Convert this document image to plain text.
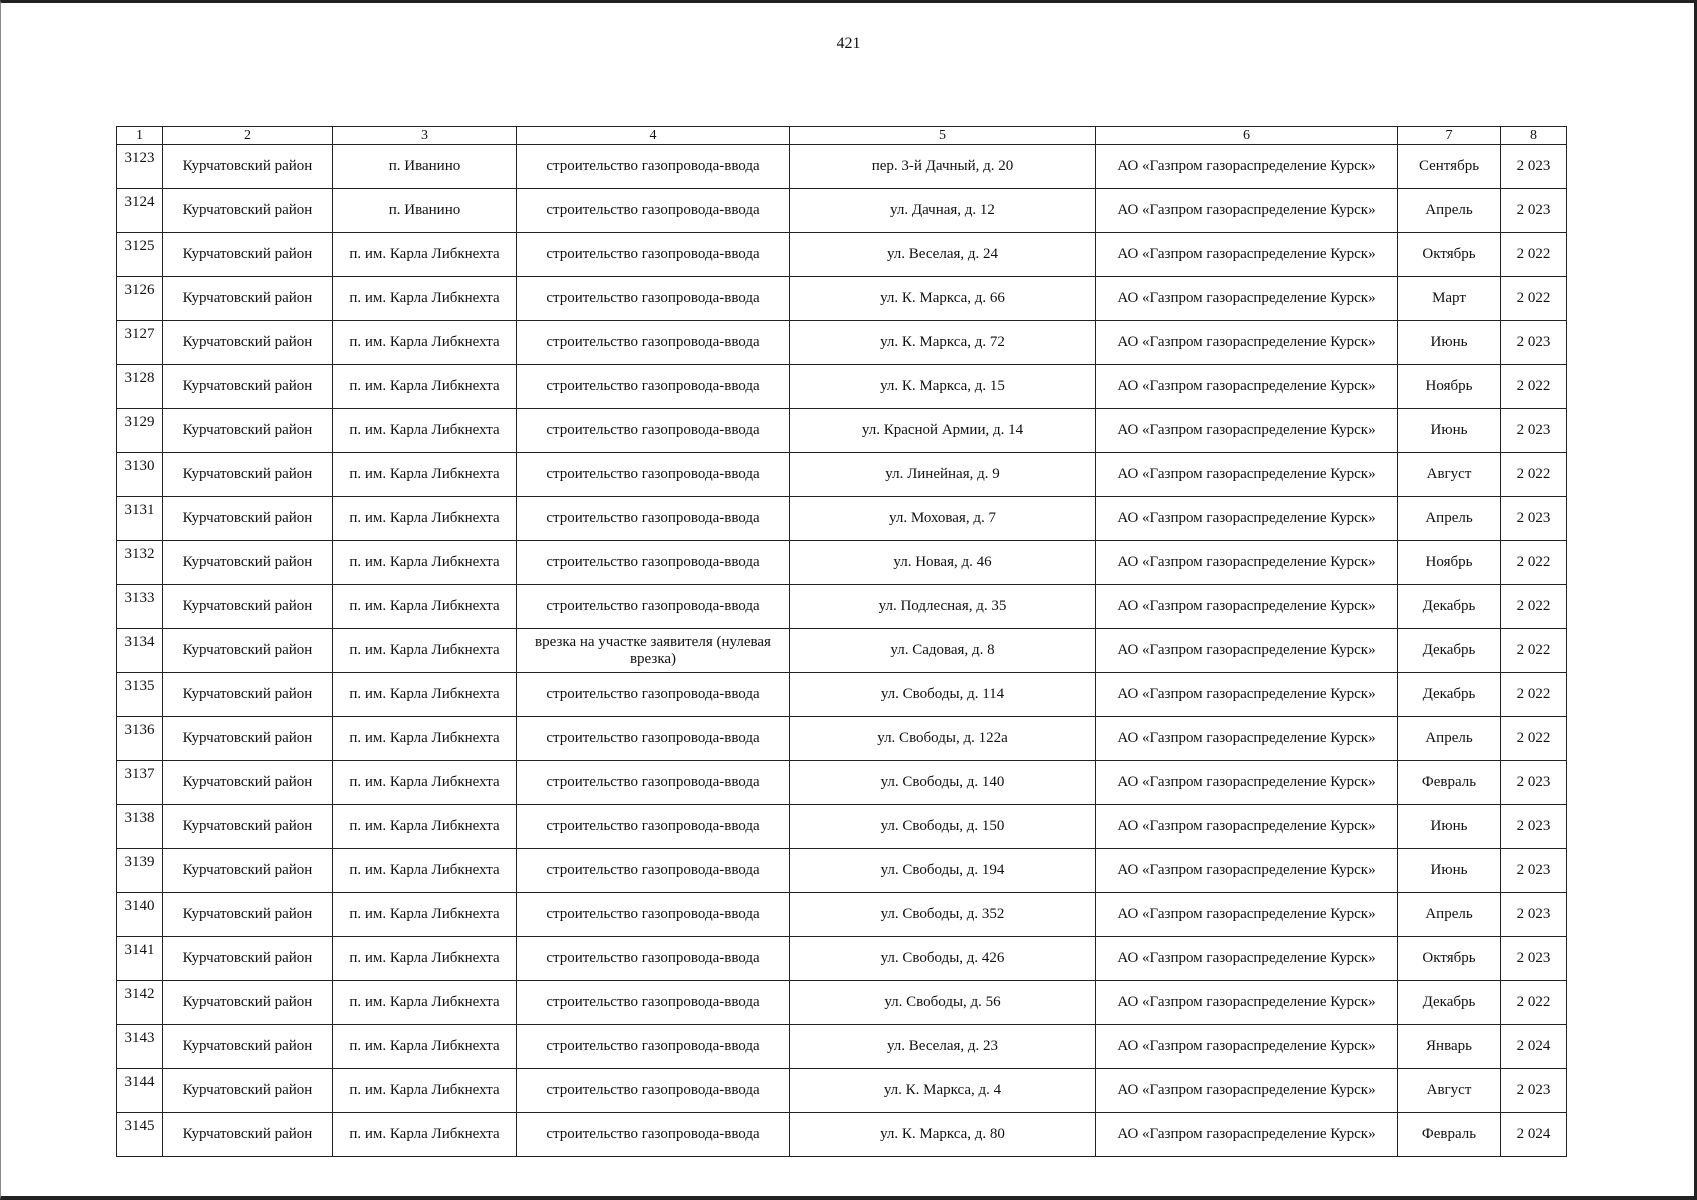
421
1	2	3	4	5	6	7	8
3123	Курчатовский район	п. Иванино	строительство газопровода-ввода	пер. 3-й Дачный, д. 20	АО «Газпром газораспределение Курск»	Сентябрь	2 023
3124	Курчатовский район	п. Иванино	строительство газопровода-ввода	ул. Дачная, д. 12	АО «Газпром газораспределение Курск»	Апрель	2 023
3125	Курчатовский район	п. им. Карла Либкнехта	строительство газопровода-ввода	ул. Веселая, д. 24	АО «Газпром газораспределение Курск»	Октябрь	2 022
3126	Курчатовский район	п. им. Карла Либкнехта	строительство газопровода-ввода	ул. К. Маркса, д. 66	АО «Газпром газораспределение Курск»	Март	2 022
3127	Курчатовский район	п. им. Карла Либкнехта	строительство газопровода-ввода	ул. К. Маркса, д. 72	АО «Газпром газораспределение Курск»	Июнь	2 023
3128	Курчатовский район	п. им. Карла Либкнехта	строительство газопровода-ввода	ул. К. Маркса, д. 15	АО «Газпром газораспределение Курск»	Ноябрь	2 022
3129	Курчатовский район	п. им. Карла Либкнехта	строительство газопровода-ввода	ул. Красной Армии, д. 14	АО «Газпром газораспределение Курск»	Июнь	2 023
3130	Курчатовский район	п. им. Карла Либкнехта	строительство газопровода-ввода	ул. Линейная, д. 9	АО «Газпром газораспределение Курск»	Август	2 022
3131	Курчатовский район	п. им. Карла Либкнехта	строительство газопровода-ввода	ул. Моховая, д. 7	АО «Газпром газораспределение Курск»	Апрель	2 023
3132	Курчатовский район	п. им. Карла Либкнехта	строительство газопровода-ввода	ул. Новая, д. 46	АО «Газпром газораспределение Курск»	Ноябрь	2 022
3133	Курчатовский район	п. им. Карла Либкнехта	строительство газопровода-ввода	ул. Подлесная, д. 35	АО «Газпром газораспределение Курск»	Декабрь	2 022
3134	Курчатовский район	п. им. Карла Либкнехта	врезка на участке заявителя (нулевая врезка)	ул. Садовая, д. 8	АО «Газпром газораспределение Курск»	Декабрь	2 022
3135	Курчатовский район	п. им. Карла Либкнехта	строительство газопровода-ввода	ул. Свободы, д. 114	АО «Газпром газораспределение Курск»	Декабрь	2 022
3136	Курчатовский район	п. им. Карла Либкнехта	строительство газопровода-ввода	ул. Свободы, д. 122а	АО «Газпром газораспределение Курск»	Апрель	2 022
3137	Курчатовский район	п. им. Карла Либкнехта	строительство газопровода-ввода	ул. Свободы, д. 140	АО «Газпром газораспределение Курск»	Февраль	2 023
3138	Курчатовский район	п. им. Карла Либкнехта	строительство газопровода-ввода	ул. Свободы, д. 150	АО «Газпром газораспределение Курск»	Июнь	2 023
3139	Курчатовский район	п. им. Карла Либкнехта	строительство газопровода-ввода	ул. Свободы, д. 194	АО «Газпром газораспределение Курск»	Июнь	2 023
3140	Курчатовский район	п. им. Карла Либкнехта	строительство газопровода-ввода	ул. Свободы, д. 352	АО «Газпром газораспределение Курск»	Апрель	2 023
3141	Курчатовский район	п. им. Карла Либкнехта	строительство газопровода-ввода	ул. Свободы, д. 426	АО «Газпром газораспределение Курск»	Октябрь	2 023
3142	Курчатовский район	п. им. Карла Либкнехта	строительство газопровода-ввода	ул. Свободы, д. 56	АО «Газпром газораспределение Курск»	Декабрь	2 022
3143	Курчатовский район	п. им. Карла Либкнехта	строительство газопровода-ввода	ул. Веселая, д. 23	АО «Газпром газораспределение Курск»	Январь	2 024
3144	Курчатовский район	п. им. Карла Либкнехта	строительство газопровода-ввода	ул. К. Маркса, д. 4	АО «Газпром газораспределение Курск»	Август	2 023
3145	Курчатовский район	п. им. Карла Либкнехта	строительство газопровода-ввода	ул. К. Маркса, д. 80	АО «Газпром газораспределение Курск»	Февраль	2 024
